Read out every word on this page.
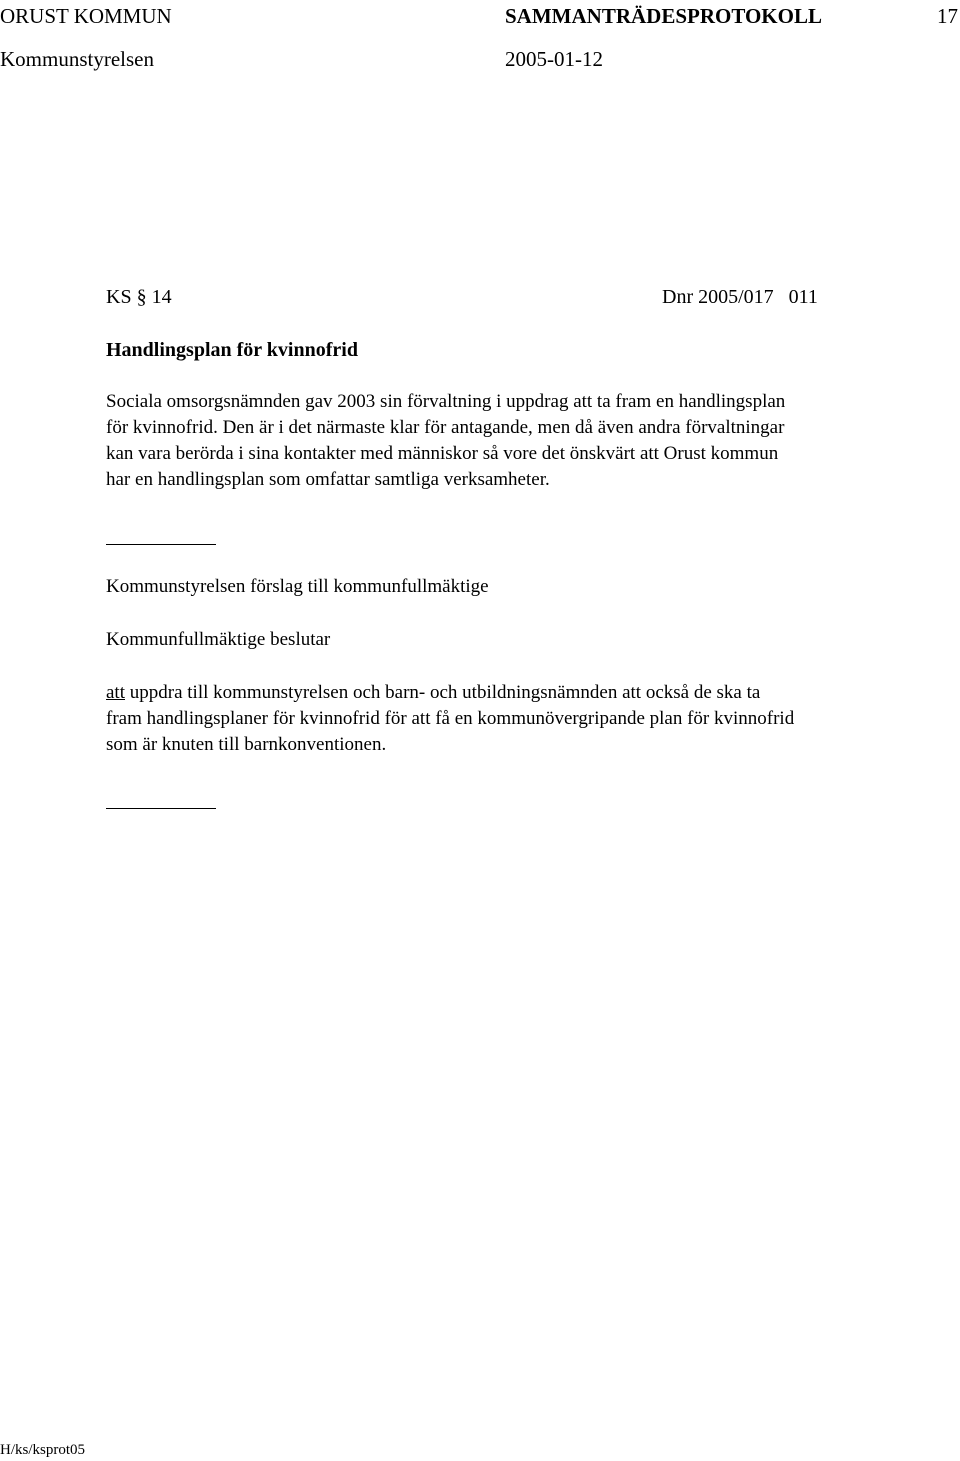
ORUST KOMMUN	SAMMANTRÄDESPROTOKOLL	17
Kommunstyrelsen	2005-01-12
KS § 14	Dnr 2005/017   011
Handlingsplan för kvinnofrid
Sociala omsorgsnämnden gav 2003 sin förvaltning i uppdrag att ta fram en handlingsplan
för kvinnofrid. Den är i det närmaste klar för antagande, men då även andra förvaltningar
kan vara berörda i sina kontakter med människor så vore det önskvärt att Orust kommun
har en handlingsplan som omfattar samtliga verksamheter.
Kommunstyrelsen förslag till kommunfullmäktige
Kommunfullmäktige beslutar
att uppdra till kommunstyrelsen och barn- och utbildningsnämnden att också de ska ta
fram handlingsplaner för kvinnofrid för att få en kommunövergripande plan för kvinnofrid
som är knuten till barnkonventionen.
H/ks/ksprot05
